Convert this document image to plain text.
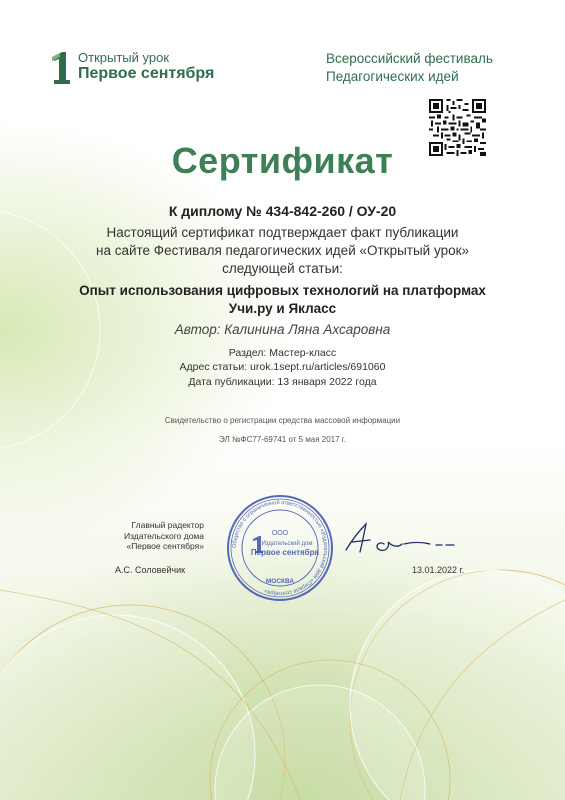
Открытый урок
Первое сентября
Всероссийский фестиваль
Педагогических идей
Сертификат
К диплому № 434-842-260 / ОУ-20
Настоящий сертификат подтверждает факт публикации
на сайте Фестиваля педагогических идей «Открытый урок»
следующей статьи:
Опыт использования цифровых технологий на платформах
Учи.ру и Якласс
Автор: Калинина Ляна Ахсаровна
Раздел: Мастер-класс
Адрес статьи: urok.1sept.ru/articles/691060
Дата публикации: 13 января 2022 года
Свидетельство о регистрации средства массовой информации
ЭЛ №ФС77-69741 от 5 мая 2017 г.
Главный радектор
Издательского дома
«Первое сентября»
А.С. Соловейчик
Общество с ограниченной ответственностью «Издательский дом «Первое сентября»
ООО
Издательский дом
Первое сентября
МОСКВА
13.01.2022 г.
